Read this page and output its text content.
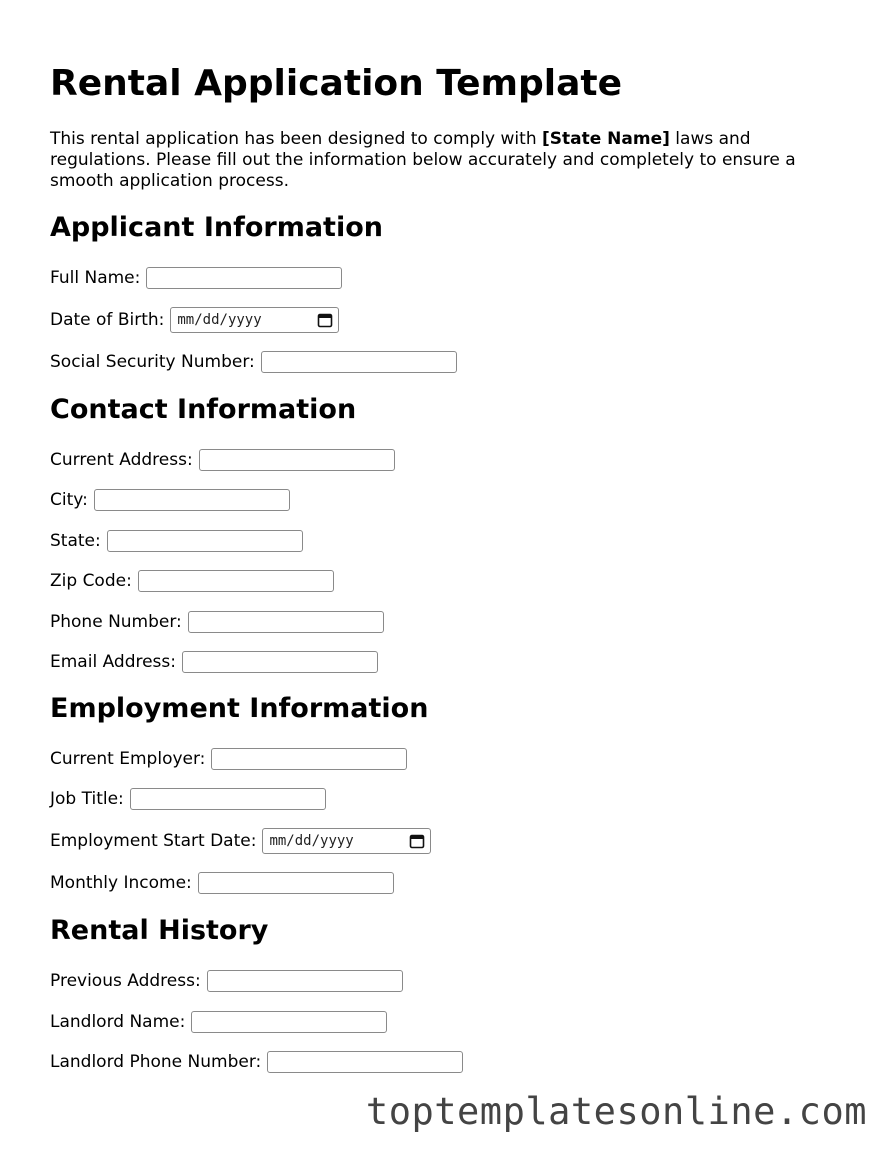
Rental Application Template

This rental application has been designed to comply with [State Name] laws and regulations. Please fill out the information below accurately and completely to ensure a smooth application process.

Applicant Information
Full Name:
Date of Birth: mm/dd/yyyy
Social Security Number:
Contact Information
Current Address:
City:
State:
Zip Code:
Phone Number:
Email Address:
Employment Information
Current Employer:
Job Title:
Employment Start Date: mm/dd/yyyy
Monthly Income:
Rental History
Previous Address:
Landlord Name:
Landlord Phone Number:
toptemplatesonline.com
